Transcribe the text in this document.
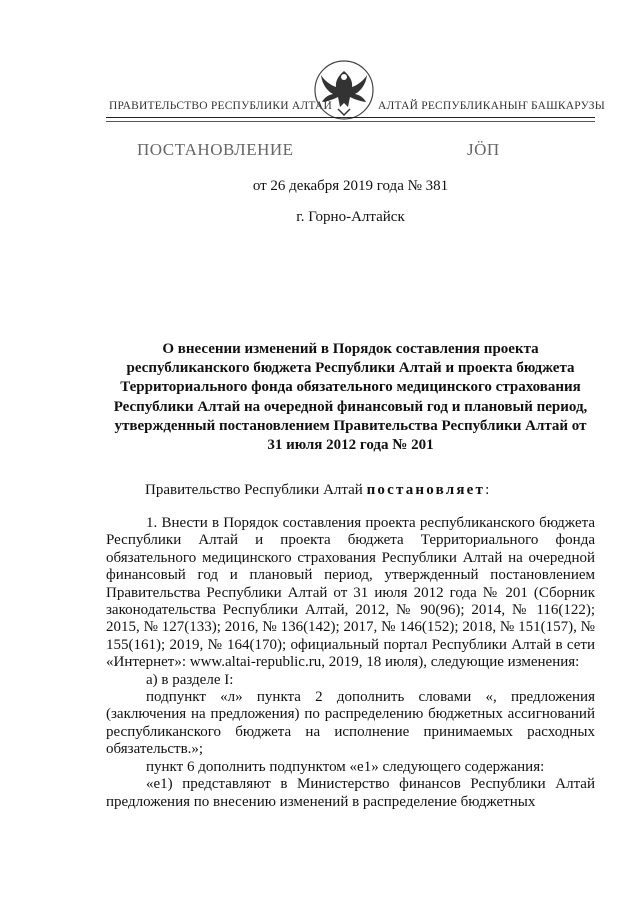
ПРАВИТЕЛЬСТВО РЕСПУБЛИКИ АЛТАЙ	АЛТАЙ РЕСПУБЛИКАНЫҤ БАШКАРУЗЫ
ПОСТАНОВЛЕНИЕ	ЈÖП
от 26 декабря 2019 года № 381
г. Горно-Алтайск
О внесении изменений в Порядок составления проекта республиканского бюджета Республики Алтай и проекта бюджета Территориального фонда обязательного медицинского страхования Республики Алтай на очередной финансовый год и плановый период, утвержденный постановлением Правительства Республики Алтай от 31 июля 2012 года № 201
Правительство Республики Алтай постановляет:

1. Внести в Порядок составления проекта республиканского бюджета Республики Алтай и проекта бюджета Территориального фонда обязательного медицинского страхования Республики Алтай на очередной финансовый год и плановый период, утвержденный постановлением Правительства Республики Алтай от 31 июля 2012 года № 201 (Сборник законодательства Республики Алтай, 2012, № 90(96); 2014, № 116(122); 2015, № 127(133); 2016, № 136(142); 2017, № 146(152); 2018, № 151(157), № 155(161); 2019, № 164(170); официальный портал Республики Алтай в сети «Интернет»: www.altai-republic.ru, 2019, 18 июля), следующие изменения:

а) в разделе I:

подпункт «л» пункта 2 дополнить словами «, предложения (заключения на предложения) по распределению бюджетных ассигнований республиканского бюджета на исполнение принимаемых расходных обязательств.»;

пункт 6 дополнить подпунктом «е1» следующего содержания:

«е1) представляют в Министерство финансов Республики Алтай предложения по внесению изменений в распределение бюджетных
